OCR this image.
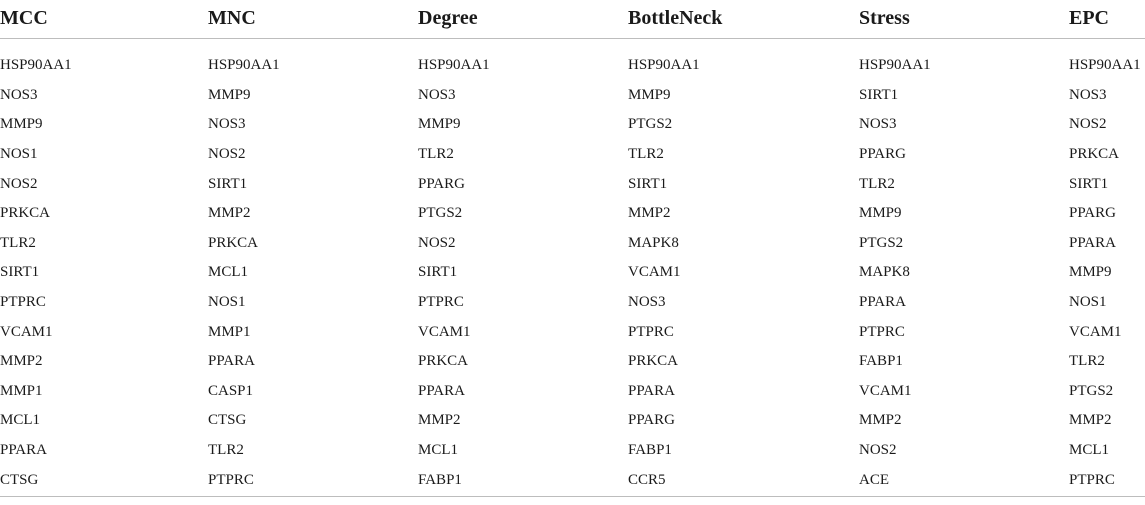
MCC	MNC	Degree	BottleNeck	Stress	EPC

HSP90AA1	HSP90AA1	HSP90AA1	HSP90AA1	HSP90AA1	HSP90AA1
NOS3	MMP9	NOS3	MMP9	SIRT1	NOS3
MMP9	NOS3	MMP9	PTGS2	NOS3	NOS2
NOS1	NOS2	TLR2	TLR2	PPARG	PRKCA
NOS2	SIRT1	PPARG	SIRT1	TLR2	SIRT1
PRKCA	MMP2	PTGS2	MMP2	MMP9	PPARG
TLR2	PRKCA	NOS2	MAPK8	PTGS2	PPARA
SIRT1	MCL1	SIRT1	VCAM1	MAPK8	MMP9
PTPRC	NOS1	PTPRC	NOS3	PPARA	NOS1
VCAM1	MMP1	VCAM1	PTPRC	PTPRC	VCAM1
MMP2	PPARA	PRKCA	PRKCA	FABP1	TLR2
MMP1	CASP1	PPARA	PPARA	VCAM1	PTGS2
MCL1	CTSG	MMP2	PPARG	MMP2	MMP2
PPARA	TLR2	MCL1	FABP1	NOS2	MCL1
CTSG	PTPRC	FABP1	CCR5	ACE	PTPRC
